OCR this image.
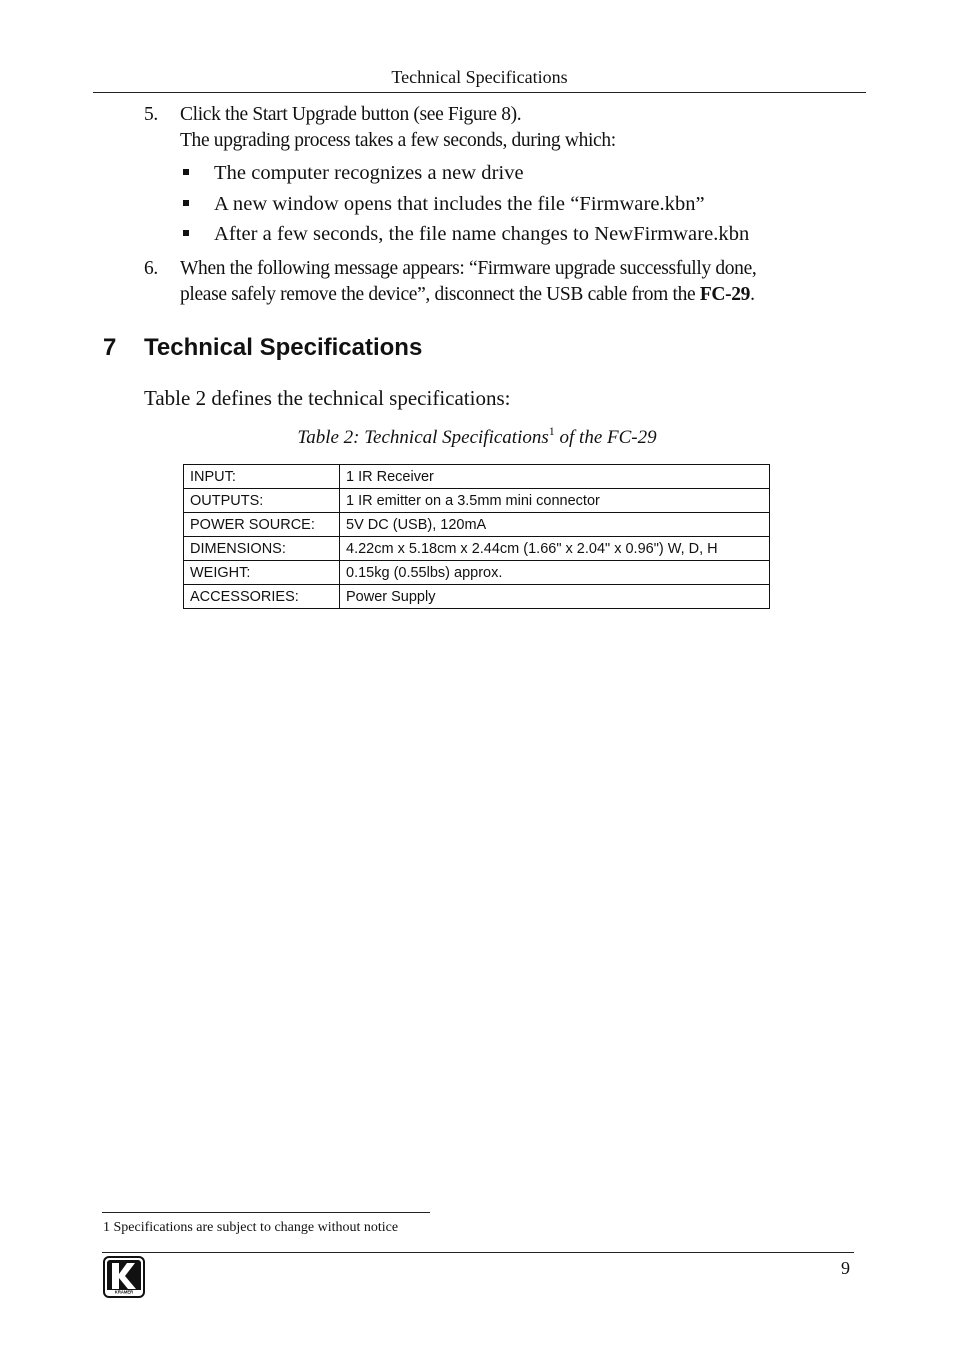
Technical Specifications
5.	Click the Start Upgrade button (see Figure 8).
The upgrading process takes a few seconds, during which:
The computer recognizes a new drive
A new window opens that includes the file “Firmware.kbn”
After a few seconds, the file name changes to NewFirmware.kbn
6.	When the following message appears: “Firmware upgrade successfully done,
please safely remove the device”, disconnect the USB cable from the FC-29.
7 Technical Specifications
Table 2 defines the technical specifications:
Table 2: Technical Specifications$^1$ of the FC-29
INPUT:	1 IR Receiver
OUTPUTS:	1 IR emitter on a 3.5mm mini connector
POWER SOURCE:	5V DC (USB), 120mA
DIMENSIONS:	4.22cm x 5.18cm x 2.44cm (1.66" x 2.04" x 0.96") W, D, H
WEIGHT:	0.15kg (0.55lbs) approx.
ACCESSORIES:	Power Supply
1 Specifications are subject to change without notice
9
KRAMER
